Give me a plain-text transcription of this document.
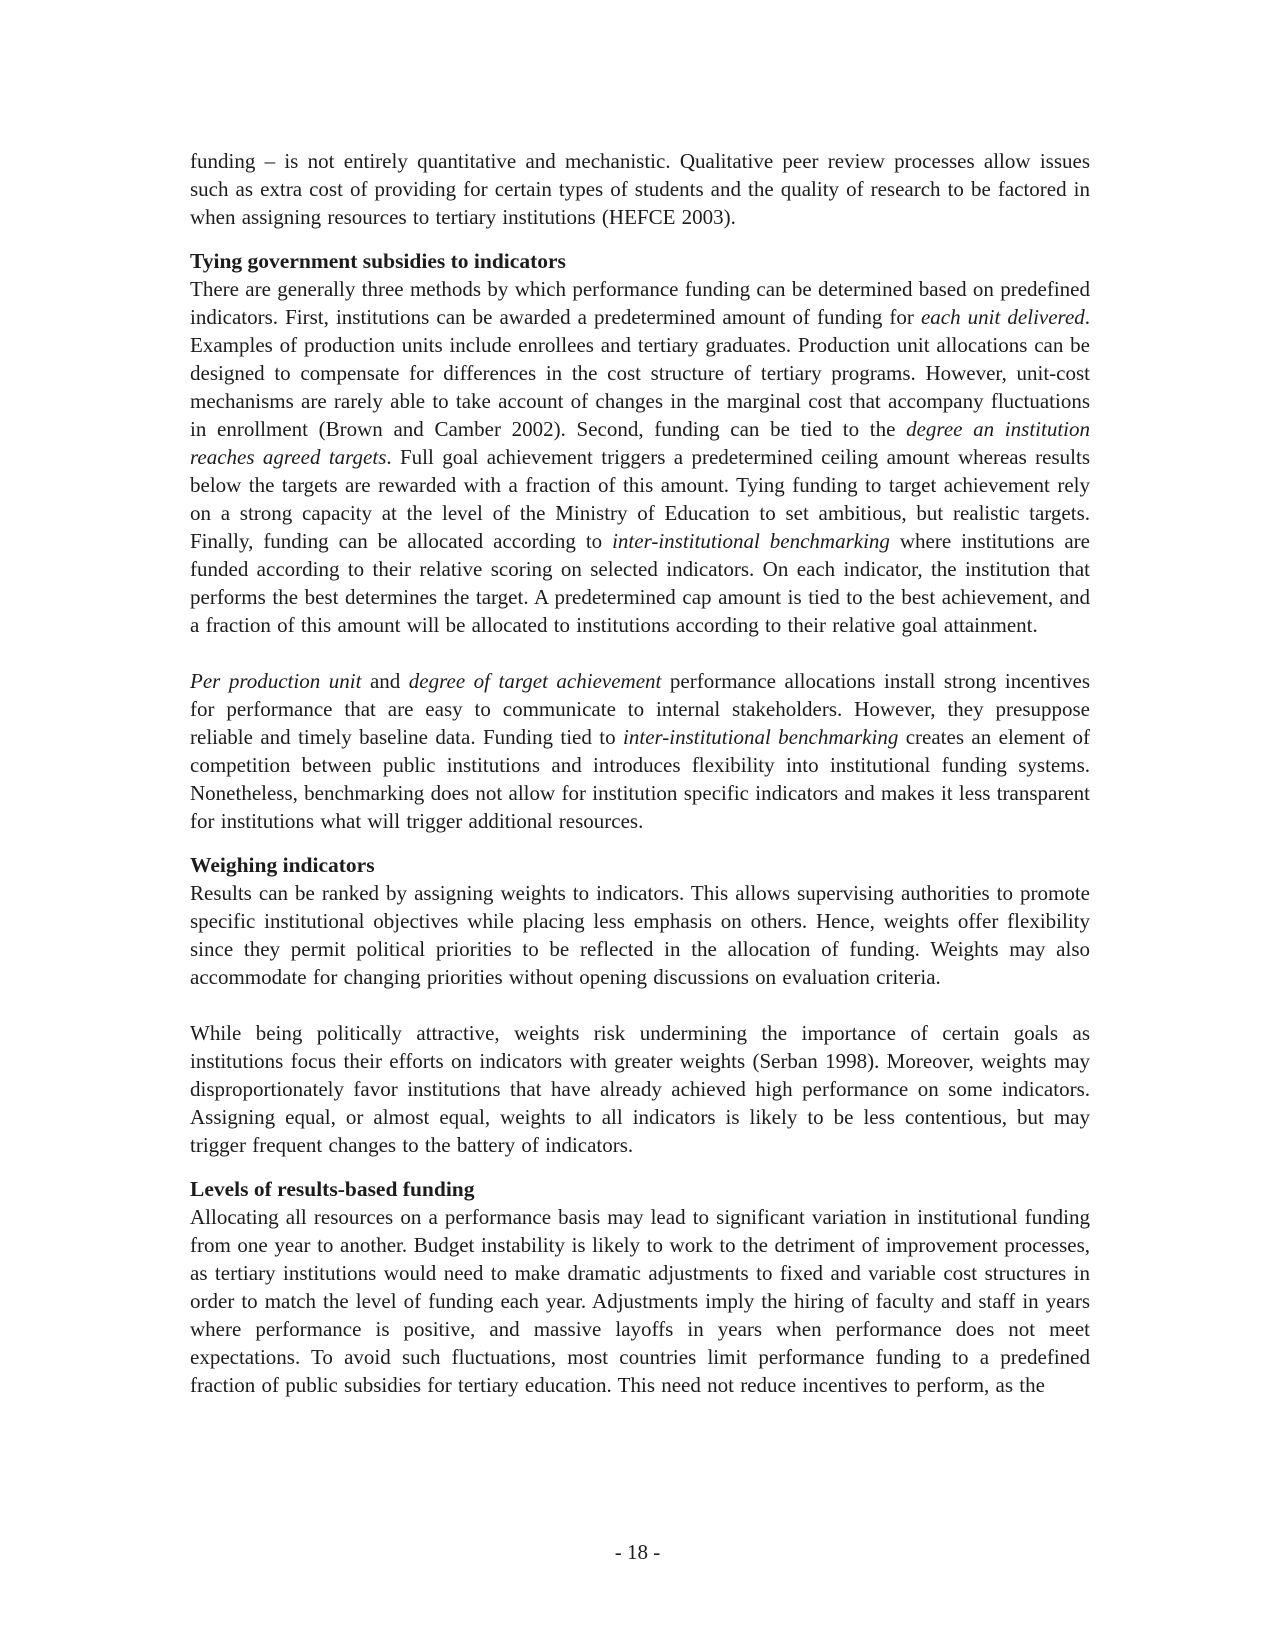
funding – is not entirely quantitative and mechanistic. Qualitative peer review processes allow issues such as extra cost of providing for certain types of students and the quality of research to be factored in when assigning resources to tertiary institutions (HEFCE 2003).

Tying government subsidies to indicators

There are generally three methods by which performance funding can be determined based on predefined indicators. First, institutions can be awarded a predetermined amount of funding for each unit delivered. Examples of production units include enrollees and tertiary graduates. Production unit allocations can be designed to compensate for differences in the cost structure of tertiary programs. However, unit-cost mechanisms are rarely able to take account of changes in the marginal cost that accompany fluctuations in enrollment (Brown and Camber 2002). Second, funding can be tied to the degree an institution reaches agreed targets. Full goal achievement triggers a predetermined ceiling amount whereas results below the targets are rewarded with a fraction of this amount. Tying funding to target achievement rely on a strong capacity at the level of the Ministry of Education to set ambitious, but realistic targets. Finally, funding can be allocated according to inter-institutional benchmarking where institutions are funded according to their relative scoring on selected indicators. On each indicator, the institution that performs the best determines the target. A predetermined cap amount is tied to the best achievement, and a fraction of this amount will be allocated to institutions according to their relative goal attainment.

Per production unit and degree of target achievement performance allocations install strong incentives for performance that are easy to communicate to internal stakeholders. However, they presuppose reliable and timely baseline data. Funding tied to inter-institutional benchmarking creates an element of competition between public institutions and introduces flexibility into institutional funding systems. Nonetheless, benchmarking does not allow for institution specific indicators and makes it less transparent for institutions what will trigger additional resources.

Weighing indicators

Results can be ranked by assigning weights to indicators. This allows supervising authorities to promote specific institutional objectives while placing less emphasis on others. Hence, weights offer flexibility since they permit political priorities to be reflected in the allocation of funding. Weights may also accommodate for changing priorities without opening discussions on evaluation criteria.

While being politically attractive, weights risk undermining the importance of certain goals as institutions focus their efforts on indicators with greater weights (Serban 1998). Moreover, weights may disproportionately favor institutions that have already achieved high performance on some indicators. Assigning equal, or almost equal, weights to all indicators is likely to be less contentious, but may trigger frequent changes to the battery of indicators.

Levels of results-based funding

Allocating all resources on a performance basis may lead to significant variation in institutional funding from one year to another. Budget instability is likely to work to the detriment of improvement processes, as tertiary institutions would need to make dramatic adjustments to fixed and variable cost structures in order to match the level of funding each year. Adjustments imply the hiring of faculty and staff in years where performance is positive, and massive layoffs in years when performance does not meet expectations. To avoid such fluctuations, most countries limit performance funding to a predefined fraction of public subsidies for tertiary education. This need not reduce incentives to perform, as the

- 18 -
